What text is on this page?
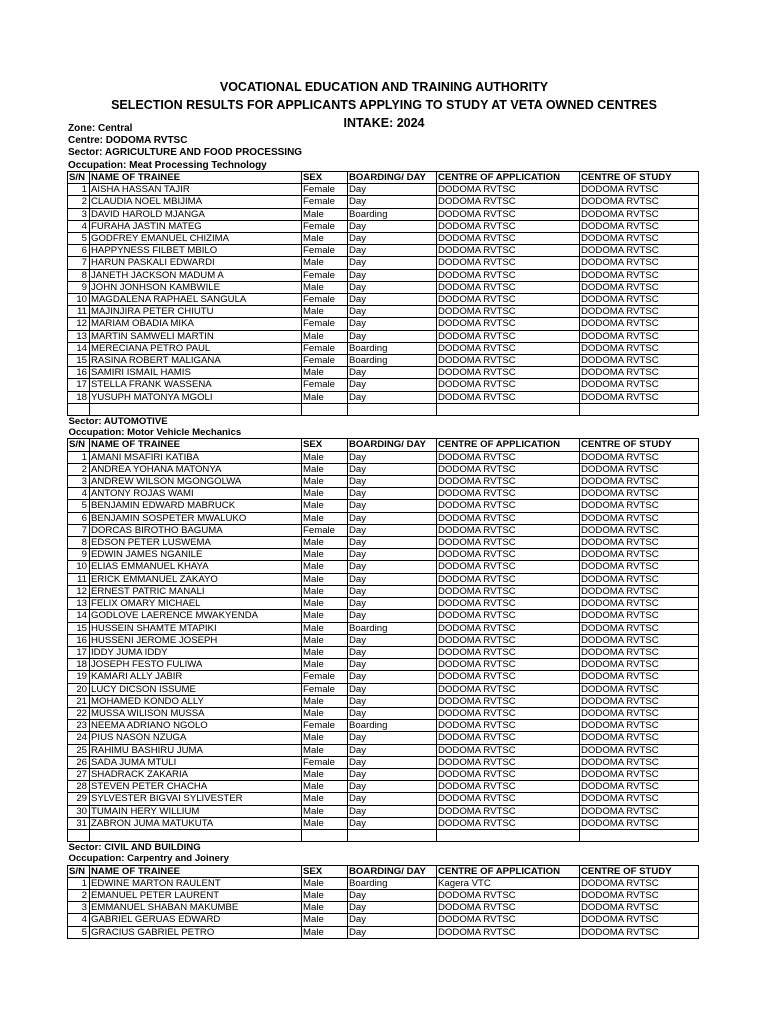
VOCATIONAL EDUCATION AND TRAINING AUTHORITY
SELECTION RESULTS FOR APPLICANTS APPLYING TO STUDY AT VETA OWNED CENTRES
INTAKE: 2024
Zone: Central
Centre: DODOMA RVTSC
Sector: AGRICULTURE AND FOOD PROCESSING
Occupation: Meat Processing Technology
S/N	NAME OF TRAINEE	SEX	BOARDING/ DAY	CENTRE OF APPLICATION	CENTRE OF STUDY
1	AISHA HASSAN TAJIR	Female	Day	DODOMA RVTSC	DODOMA RVTSC
2	CLAUDIA NOEL MBIJIMA	Female	Day	DODOMA RVTSC	DODOMA RVTSC
3	DAVID HAROLD MJANGA	Male	Boarding	DODOMA RVTSC	DODOMA RVTSC
4	FURAHA JASTIN MATEG	Female	Day	DODOMA RVTSC	DODOMA RVTSC
5	GODFREY EMANUEL CHIZIMA	Male	Day	DODOMA RVTSC	DODOMA RVTSC
6	HAPPYNESS FILBET MBILO	Female	Day	DODOMA RVTSC	DODOMA RVTSC
7	HARUN PASKALI EDWARDI	Male	Day	DODOMA RVTSC	DODOMA RVTSC
8	JANETH JACKSON MADUM A	Female	Day	DODOMA RVTSC	DODOMA RVTSC
9	JOHN JONHSON KAMBWILE	Male	Day	DODOMA RVTSC	DODOMA RVTSC
10	MAGDALENA RAPHAEL SANGULA	Female	Day	DODOMA RVTSC	DODOMA RVTSC
11	MAJINJIRA PETER CHIUTU	Male	Day	DODOMA RVTSC	DODOMA RVTSC
12	MARIAM OBADIA MIKA	Female	Day	DODOMA RVTSC	DODOMA RVTSC
13	MARTIN SAMWELI MARTIN	Male	Day	DODOMA RVTSC	DODOMA RVTSC
14	MERECIANA PETRO PAUL	Female	Boarding	DODOMA RVTSC	DODOMA RVTSC
15	RASINA ROBERT MALIGANA	Female	Boarding	DODOMA RVTSC	DODOMA RVTSC
16	SAMIRI ISMAIL HAMIS	Male	Day	DODOMA RVTSC	DODOMA RVTSC
17	STELLA FRANK WASSENA	Female	Day	DODOMA RVTSC	DODOMA RVTSC
18	YUSUPH MATONYA MGOLI	Male	Day	DODOMA RVTSC	DODOMA RVTSC

Sector: AUTOMOTIVE					
Occupation: Motor Vehicle Mechanics					
S/N	NAME OF TRAINEE	SEX	BOARDING/ DAY	CENTRE OF APPLICATION	CENTRE OF STUDY
1	AMANI MSAFIRI KATIBA	Male	Day	DODOMA RVTSC	DODOMA RVTSC
2	ANDREA YOHANA MATONYA	Male	Day	DODOMA RVTSC	DODOMA RVTSC
3	ANDREW WILSON MGONGOLWA	Male	Day	DODOMA RVTSC	DODOMA RVTSC
4	ANTONY ROJAS WAMI	Male	Day	DODOMA RVTSC	DODOMA RVTSC
5	BENJAMIN EDWARD MABRUCK	Male	Day	DODOMA RVTSC	DODOMA RVTSC
6	BENJAMIN SOSPETER MWALUKO	Male	Day	DODOMA RVTSC	DODOMA RVTSC
7	DORCAS BIROTHO BAGUMA	Female	Day	DODOMA RVTSC	DODOMA RVTSC
8	EDSON PETER LUSWEMA	Male	Day	DODOMA RVTSC	DODOMA RVTSC
9	EDWIN JAMES NGANILE	Male	Day	DODOMA RVTSC	DODOMA RVTSC
10	ELIAS EMMANUEL KHAYA	Male	Day	DODOMA RVTSC	DODOMA RVTSC
11	ERICK EMMANUEL ZAKAYO	Male	Day	DODOMA RVTSC	DODOMA RVTSC
12	ERNEST PATRIC MANALI	Male	Day	DODOMA RVTSC	DODOMA RVTSC
13	FELIX OMARY MICHAEL	Male	Day	DODOMA RVTSC	DODOMA RVTSC
14	GODLOVE LAERENCE MWAKYENDA	Male	Day	DODOMA RVTSC	DODOMA RVTSC
15	HUSSEIN SHAMTE MTAPIKI	Male	Boarding	DODOMA RVTSC	DODOMA RVTSC
16	HUSSENI JEROME JOSEPH	Male	Day	DODOMA RVTSC	DODOMA RVTSC
17	IDDY JUMA IDDY	Male	Day	DODOMA RVTSC	DODOMA RVTSC
18	JOSEPH FESTO FULIWA	Male	Day	DODOMA RVTSC	DODOMA RVTSC
19	KAMARI ALLY JABIR	Female	Day	DODOMA RVTSC	DODOMA RVTSC
20	LUCY DICSON ISSUME	Female	Day	DODOMA RVTSC	DODOMA RVTSC
21	MOHAMED KONDO ALLY	Male	Day	DODOMA RVTSC	DODOMA RVTSC
22	MUSSA WILISON MUSSA	Male	Day	DODOMA RVTSC	DODOMA RVTSC
23	NEEMA ADRIANO NGOLO	Female	Boarding	DODOMA RVTSC	DODOMA RVTSC
24	PIUS NASON NZUGA	Male	Day	DODOMA RVTSC	DODOMA RVTSC
25	RAHIMU BASHIRU JUMA	Male	Day	DODOMA RVTSC	DODOMA RVTSC
26	SADA JUMA MTULI	Female	Day	DODOMA RVTSC	DODOMA RVTSC
27	SHADRACK ZAKARIA	Male	Day	DODOMA RVTSC	DODOMA RVTSC
28	STEVEN PETER CHACHA	Male	Day	DODOMA RVTSC	DODOMA RVTSC
29	SYLVESTER BIGVAI SYLIVESTER	Male	Day	DODOMA RVTSC	DODOMA RVTSC
30	TUMAIN HERY WILLIUM	Male	Day	DODOMA RVTSC	DODOMA RVTSC
31	ZABRON JUMA MATUKUTA	Male	Day	DODOMA RVTSC	DODOMA RVTSC

Sector: CIVIL AND BUILDING					
Occupation: Carpentry and Joinery					
S/N	NAME OF TRAINEE	SEX	BOARDING/ DAY	CENTRE OF APPLICATION	CENTRE OF STUDY
1	EDWINE MARTON RAULENT	Male	Boarding	Kagera VTC	DODOMA RVTSC
2	EMANUEL PETER LAURENT	Male	Day	DODOMA RVTSC	DODOMA RVTSC
3	EMMANUEL SHABAN MAKUMBE	Male	Day	DODOMA RVTSC	DODOMA RVTSC
4	GABRIEL GERUAS EDWARD	Male	Day	DODOMA RVTSC	DODOMA RVTSC
5	GRACIUS GABRIEL PETRO	Male	Day	DODOMA RVTSC	DODOMA RVTSC
